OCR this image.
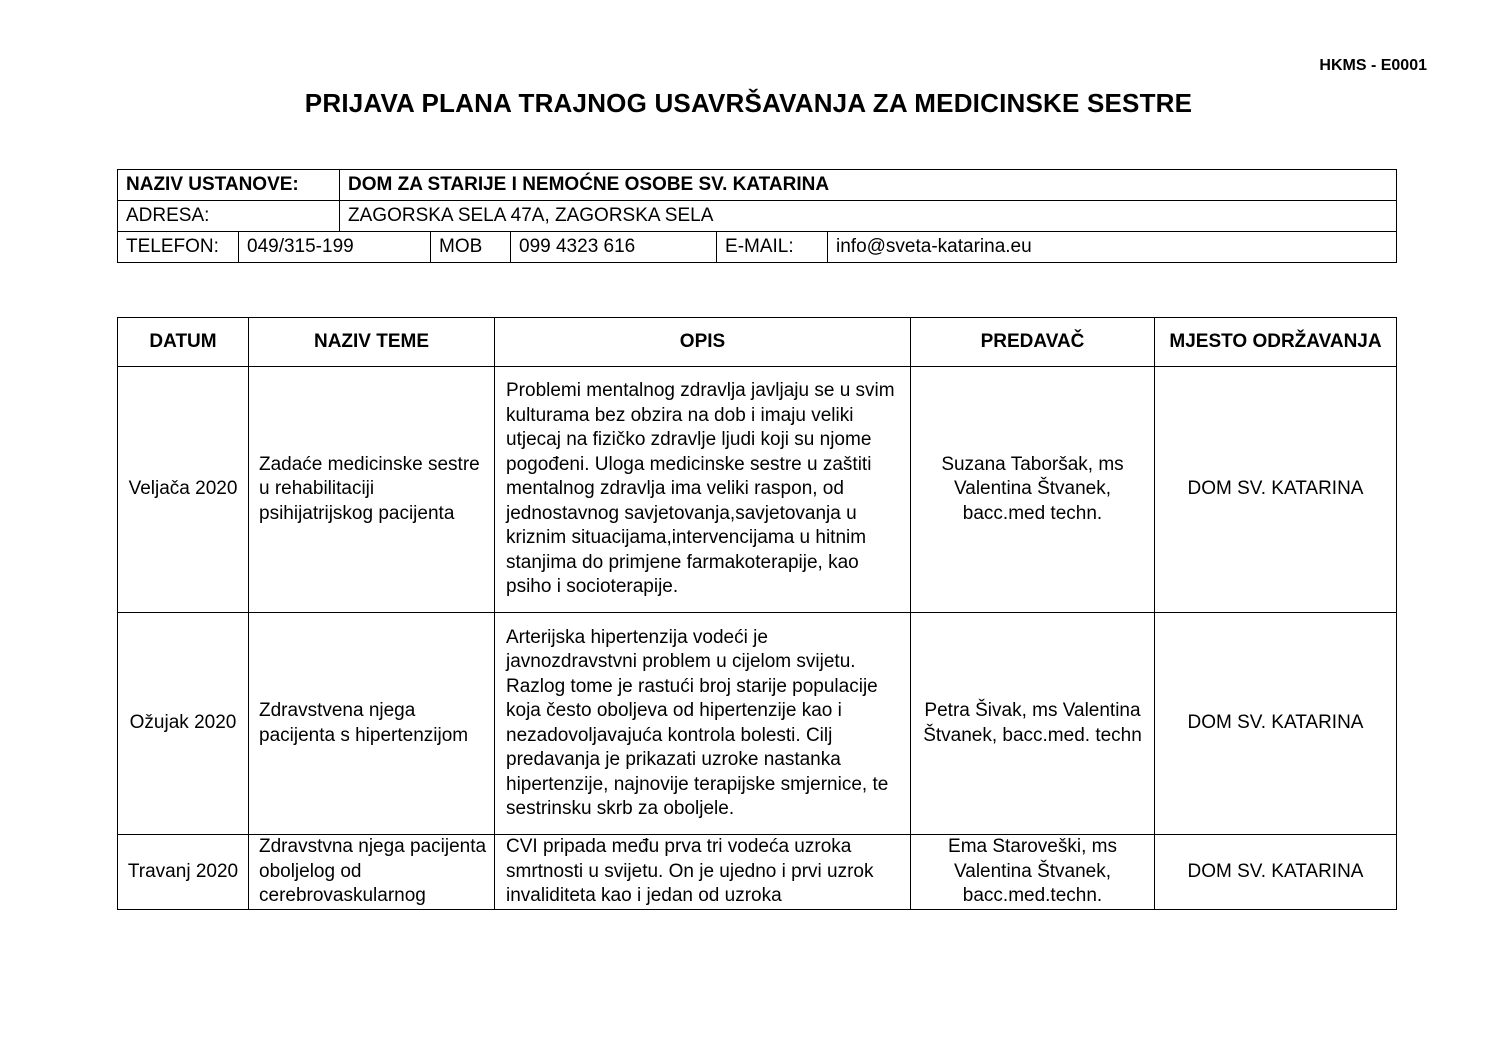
HKMS - E0001
PRIJAVA PLANA TRAJNOG USAVRŠAVANJA ZA MEDICINSKE SESTRE
NAZIV USTANOVE:		DOM ZA STARIJE I NEMOĆNE OSOBE SV. KATARINA				
ADRESA:		ZAGORSKA SELA 47A, ZAGORSKA SELA				
TELEFON:	049/315-199		MOB	099 4323 616	E-MAIL:	info@sveta-katarina.eu
DATUM	NAZIV TEME	OPIS	PREDAVAČ	MJESTO ODRŽAVANJA
Veljača 2020	Zadaće medicinske sestre u rehabilitaciji psihijatrijskog pacijenta	Problemi mentalnog zdravlja javljaju se u svim kulturama bez obzira na dob i imaju veliki utjecaj na fizičko zdravlje ljudi koji su njome pogođeni. Uloga medicinske sestre u zaštiti mentalnog zdravlja ima veliki raspon, od jednostavnog savjetovanja,savjetovanja u kriznim situacijama,intervencijama u hitnim stanjima do primjene farmakoterapije, kao psiho i socioterapije.	Suzana Taboršak, ms Valentina Štvanek, bacc.med techn.	DOM SV. KATARINA
Ožujak 2020	Zdravstvena njega pacijenta s hipertenzijom	Arterijska hipertenzija vodeći je javnozdravstvni problem u cijelom svijetu. Razlog tome je rastući broj starije populacije koja često oboljeva od hipertenzije kao i nezadovoljavajuća kontrola bolesti. Cilj predavanja je prikazati uzroke nastanka hipertenzije, najnovije terapijske smjernice, te sestrinsku skrb za oboljele.	Petra Šivak, ms Valentina Štvanek, bacc.med. techn	DOM SV. KATARINA
Travanj 2020	Zdravstvna njega pacijenta oboljelog od cerebrovaskularnog	CVI pripada među prva tri vodeća uzroka smrtnosti u svijetu. On je ujedno i prvi uzrok invaliditeta kao i jedan od uzroka	Ema Staroveški, ms Valentina Štvanek, bacc.med.techn.	DOM SV. KATARINA
